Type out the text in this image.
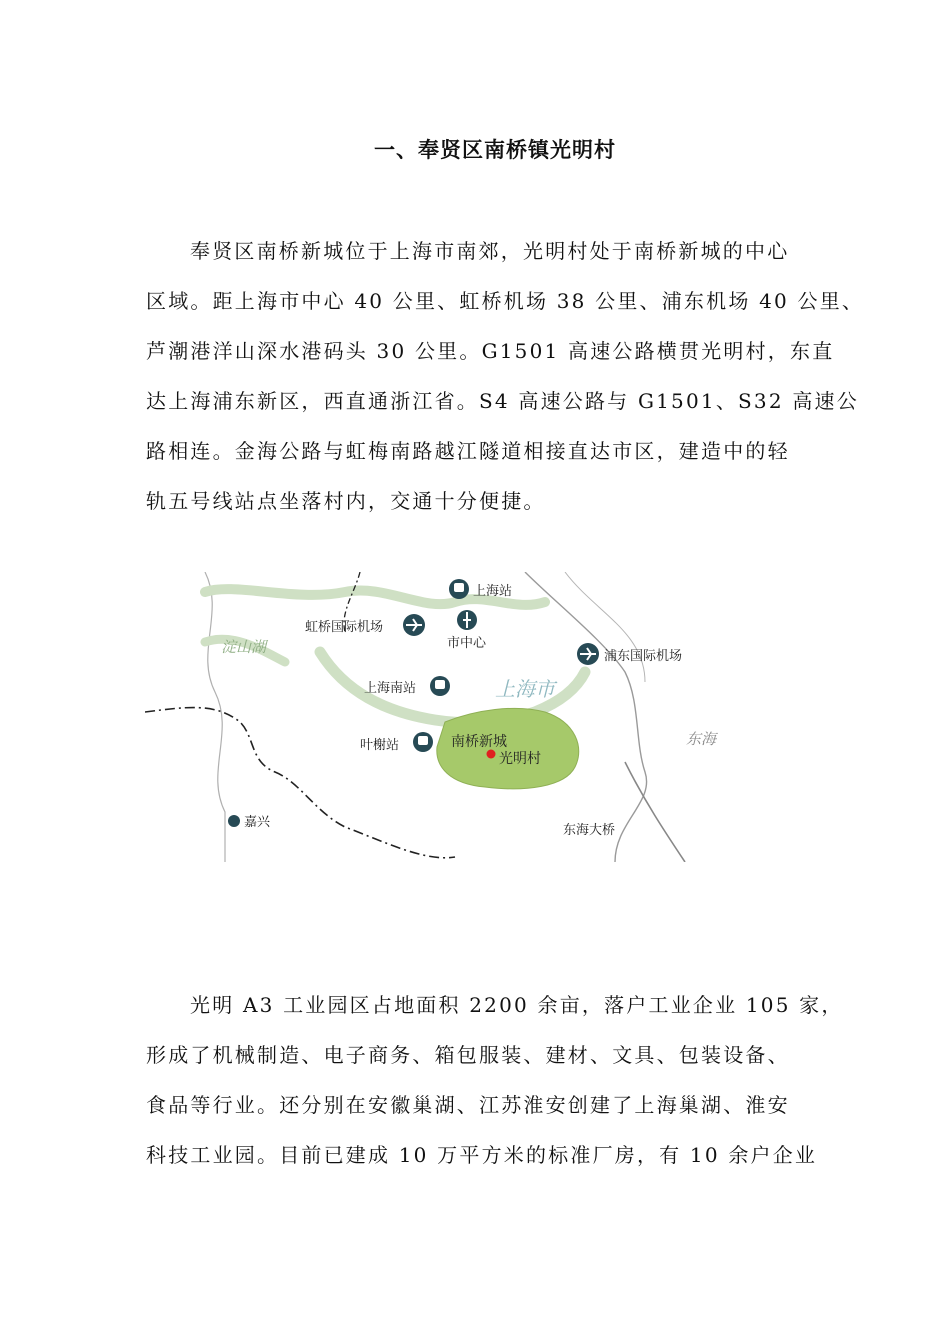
一、奉贤区南桥镇光明村
奉贤区南桥新城位于上海市南郊，光明村处于南桥新城的中心
区域。距上海市中心 40 公里、虹桥机场 38 公里、浦东机场 40 公里、
芦潮港洋山深水港码头 30 公里。G1501 高速公路横贯光明村，东直
达上海浦东新区，西直通浙江省。S4 高速公路与 G1501、S32 高速公
路相连。金海公路与虹梅南路越江隧道相接直达市区，建造中的轻
轨五号线站点坐落村内，交通十分便捷。
上海站
虹桥国际机场
市中心
浦东国际机场
淀山湖
上海南站	上海市
叶榭站	南桥新城
光明村
东海
嘉兴
东海大桥
光明 A3 工业园区占地面积 2200 余亩，落户工业企业 105 家，
形成了机械制造、电子商务、箱包服装、建材、文具、包装设备、
食品等行业。还分别在安徽巢湖、江苏淮安创建了上海巢湖、淮安
科技工业园。目前已建成 10 万平方米的标准厂房，有 10 余户企业
